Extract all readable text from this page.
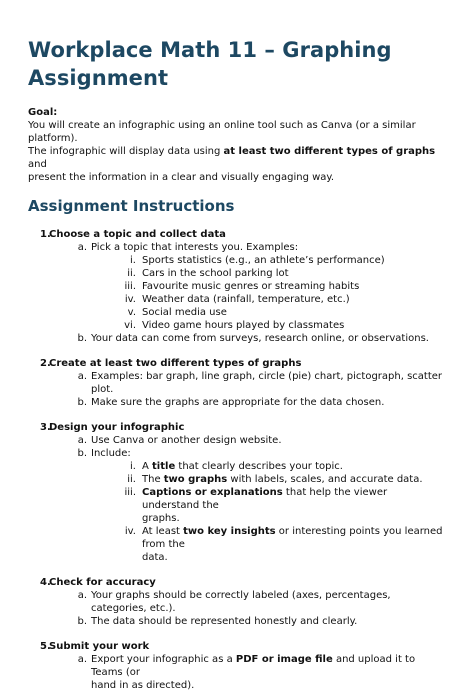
Workplace Math 11 – Graphing Assignment
Goal:

You will create an infographic using an online tool such as Canva (or a similar platform).

The infographic will display data using at least two different types of graphs and

present the information in a clear and visually engaging way.

Assignment Instructions
1.
Choose a topic and collect data
a. Pick a topic that interests you. Examples:
i. Sports statistics (e.g., an athlete’s performance)
ii. Cars in the school parking lot
iii. Favourite music genres or streaming habits
iv. Weather data (rainfall, temperature, etc.)
v. Social media use
vi. Video game hours played by classmates
b. Your data can come from surveys, research online, or observations.
2.
Create at least two different types of graphs
a. Examples: bar graph, line graph, circle (pie) chart, pictograph, scatter plot.
b. Make sure the graphs are appropriate for the data chosen.
3.
Design your infographic
a. Use Canva or another design website.
b. Include:
i. A title that clearly describes your topic.
ii. The two graphs with labels, scales, and accurate data.
iii. Captions or explanations that help the viewer understand the
graphs.
iv. At least two key insights or interesting points you learned from the
data.
4.
Check for accuracy
a. Your graphs should be correctly labeled (axes, percentages, categories, etc.).
b. The data should be represented honestly and clearly.
5.
Submit your work
a. Export your infographic as a PDF or image file and upload it to Teams (or
hand in as directed).
